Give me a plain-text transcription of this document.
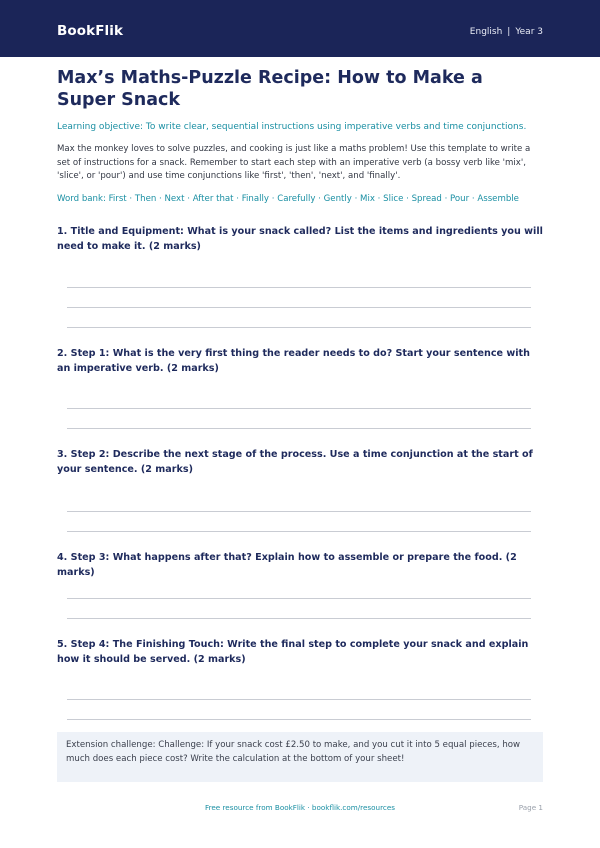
BookFlik	English | Year 3
Max’s Maths-Puzzle Recipe: How to Make a Super Snack
Learning objective: To write clear, sequential instructions using imperative verbs and time conjunctions.
Max the monkey loves to solve puzzles, and cooking is just like a maths problem! Use this template to write a set of instructions for a snack. Remember to start each step with an imperative verb (a bossy verb like 'mix', 'slice', or 'pour') and use time conjunctions like 'first', 'then', 'next', and 'finally'.
Word bank: First · Then · Next · After that · Finally · Carefully · Gently · Mix · Slice · Spread · Pour · Assemble
1. Title and Equipment: What is your snack called? List the items and ingredients you will need to make it. (2 marks)
2. Step 1: What is the very first thing the reader needs to do? Start your sentence with an imperative verb. (2 marks)
3. Step 2: Describe the next stage of the process. Use a time conjunction at the start of your sentence. (2 marks)
4. Step 3: What happens after that? Explain how to assemble or prepare the food. (2 marks)
5. Step 4: The Finishing Touch: Write the final step to complete your snack and explain how it should be served. (2 marks)
Extension challenge: Challenge: If your snack cost £2.50 to make, and you cut it into 5 equal pieces, how much does each piece cost? Write the calculation at the bottom of your sheet!
Free resource from BookFlik · bookflik.com/resources	Page 1
